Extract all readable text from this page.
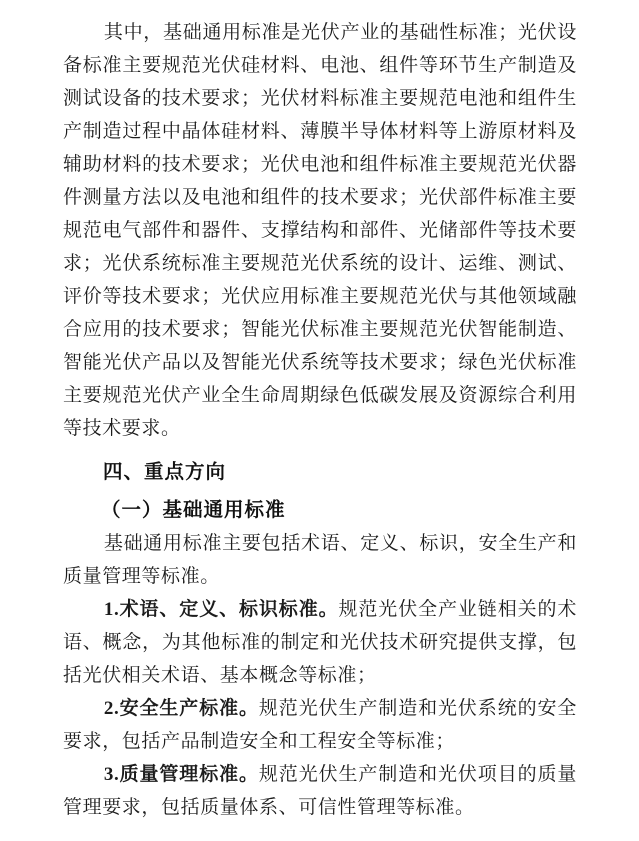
其中，基础通用标准是光伏产业的基础性标准；光伏设备标准主要规范光伏硅材料、电池、组件等环节生产制造及测试设备的技术要求；光伏材料标准主要规范电池和组件生产制造过程中晶体硅材料、薄膜半导体材料等上游原材料及辅助材料的技术要求；光伏电池和组件标准主要规范光伏器件测量方法以及电池和组件的技术要求；光伏部件标准主要规范电气部件和器件、支撑结构和部件、光储部件等技术要求；光伏系统标准主要规范光伏系统的设计、运维、测试、评价等技术要求；光伏应用标准主要规范光伏与其他领域融合应用的技术要求；智能光伏标准主要规范光伏智能制造、智能光伏产品以及智能光伏系统等技术要求；绿色光伏标准主要规范光伏产业全生命周期绿色低碳发展及资源综合利用等技术要求。

四、重点方向
（一）基础通用标准

基础通用标准主要包括术语、定义、标识，安全生产和质量管理等标准。

1.术语、定义、标识标准。规范光伏全产业链相关的术语、概念，为其他标准的制定和光伏技术研究提供支撑，包括光伏相关术语、基本概念等标准；

2.安全生产标准。规范光伏生产制造和光伏系统的安全要求，包括产品制造安全和工程安全等标准；

3.质量管理标准。规范光伏生产制造和光伏项目的质量管理要求，包括质量体系、可信性管理等标准。
